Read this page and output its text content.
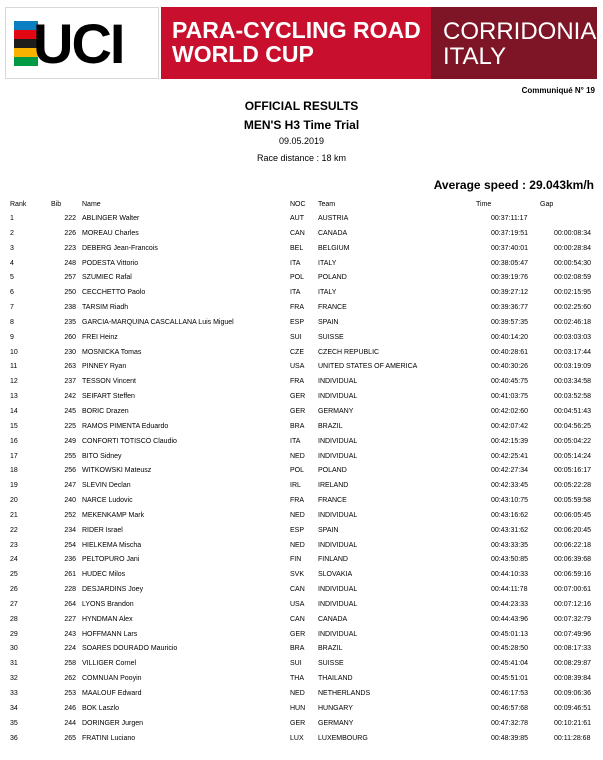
UCI PARA-CYCLING ROAD
WORLD CUP
CORRIDONIA
ITALY
Communiqué N° 19
OFFICIAL RESULTS
MEN'S H3 Time Trial
09.05.2019
Race distance : 18 km
Average speed : 29.043km/h
Rank	Bib	Name	NOC Team	Time	Gap
1	222 ABLINGER Walter	AUT AUSTRIA	00:37:11:17
2	226 MOREAU Charles	CAN CANADA	00:37:19:51	00:00:08:34
3	223 DEBERG Jean-Francois	BEL BELGIUM	00:37:40:01	00:00:28:84
4	248 PODESTA Vittorio	ITA	ITALY	00:38:05:47	00:00:54:30
5	257 SZUMIEC Rafal	POL POLAND	00:39:19:76	00:02:08:59
6	250 CECCHETTO Paolo	ITA	ITALY	00:39:27:12	00:02:15:95
7	238 TARSIM Riadh	FRA FRANCE	00:39:36:77	00:02:25:60
8	235 GARCIA-MARQUINA CASCALLANA Luis Miguel	ESP SPAIN	00:39:57:35	00:02:46:18
9	260 FREI Heinz	SUI SUISSE	00:40:14:20	00:03:03:03
10	230 MOSNICKA Tomas	CZE CZECH REPUBLIC	00:40:28:61	00:03:17:44
11	263 PINNEY Ryan	USA UNITED STATES OF AMERICA	00:40:30:26	00:03:19:09
12	237 TESSON Vincent	FRA INDIVIDUAL	00:40:45:75	00:03:34:58
13	242 SEIFART Steffen	GER INDIVIDUAL	00:41:03:75	00:03:52:58
14	245 BORIC Drazen	GER GERMANY	00:42:02:60	00:04:51:43
15	225 RAMOS PIMENTA Eduardo	BRA BRAZIL	00:42:07:42	00:04:56:25
16	249 CONFORTI TOTISCO Claudio	ITA	INDIVIDUAL	00:42:15:39	00:05:04:22
17	255 BITO Sidney	NED INDIVIDUAL	00:42:25:41	00:05:14:24
18	256 WITKOWSKI Mateusz	POL POLAND	00:42:27:34	00:05:16:17
19	247 SLEVIN Declan	IRL IRELAND	00:42:33:45	00:05:22:28
20	240 NARCE Ludovic	FRA FRANCE	00:43:10:75	00:05:59:58
21	252 MEKENKAMP Mark	NED INDIVIDUAL	00:43:16:62	00:06:05:45
22	234 RIDER Israel	ESP SPAIN	00:43:31:62	00:06:20:45
23	254 HIELKEMA Mischa	NED INDIVIDUAL	00:43:33:35	00:06:22:18
24	236 PELTOPURO Jani	FIN FINLAND	00:43:50:85	00:06:39:68
25	261 HUDEC Milos	SVK SLOVAKIA	00:44:10:33	00:06:59:16
26	228 DESJARDINS Joey	CAN INDIVIDUAL	00:44:11:78	00:07:00:61
27	264 LYONS Brandon	USA INDIVIDUAL	00:44:23:33	00:07:12:16
28	227 HYNDMAN Alex	CAN CANADA	00:44:43:96	00:07:32:79
29	243 HOFFMANN Lars	GER INDIVIDUAL	00:45:01:13	00:07:49:96
30	224 SOARES DOURADO Mauricio	BRA BRAZIL	00:45:28:50	00:08:17:33
31	258 VILLIGER Cornel	SUI SUISSE	00:45:41:04	00:08:29:87
32	262 COMNUAN Pooyin	THA THAILAND	00:45:51:01	00:08:39:84
33	253 MAALOUF Edward	NED NETHERLANDS	00:46:17:53	00:09:06:36
34	246 BOK Laszlo	HUN HUNGARY	00:46:57:68	00:09:46:51
35	244 DORINGER Jurgen	GER GERMANY	00:47:32:78	00:10:21:61
36	265 FRATINI Luciano	LUX LUXEMBOURG	00:48:39:85	00:11:28:68
